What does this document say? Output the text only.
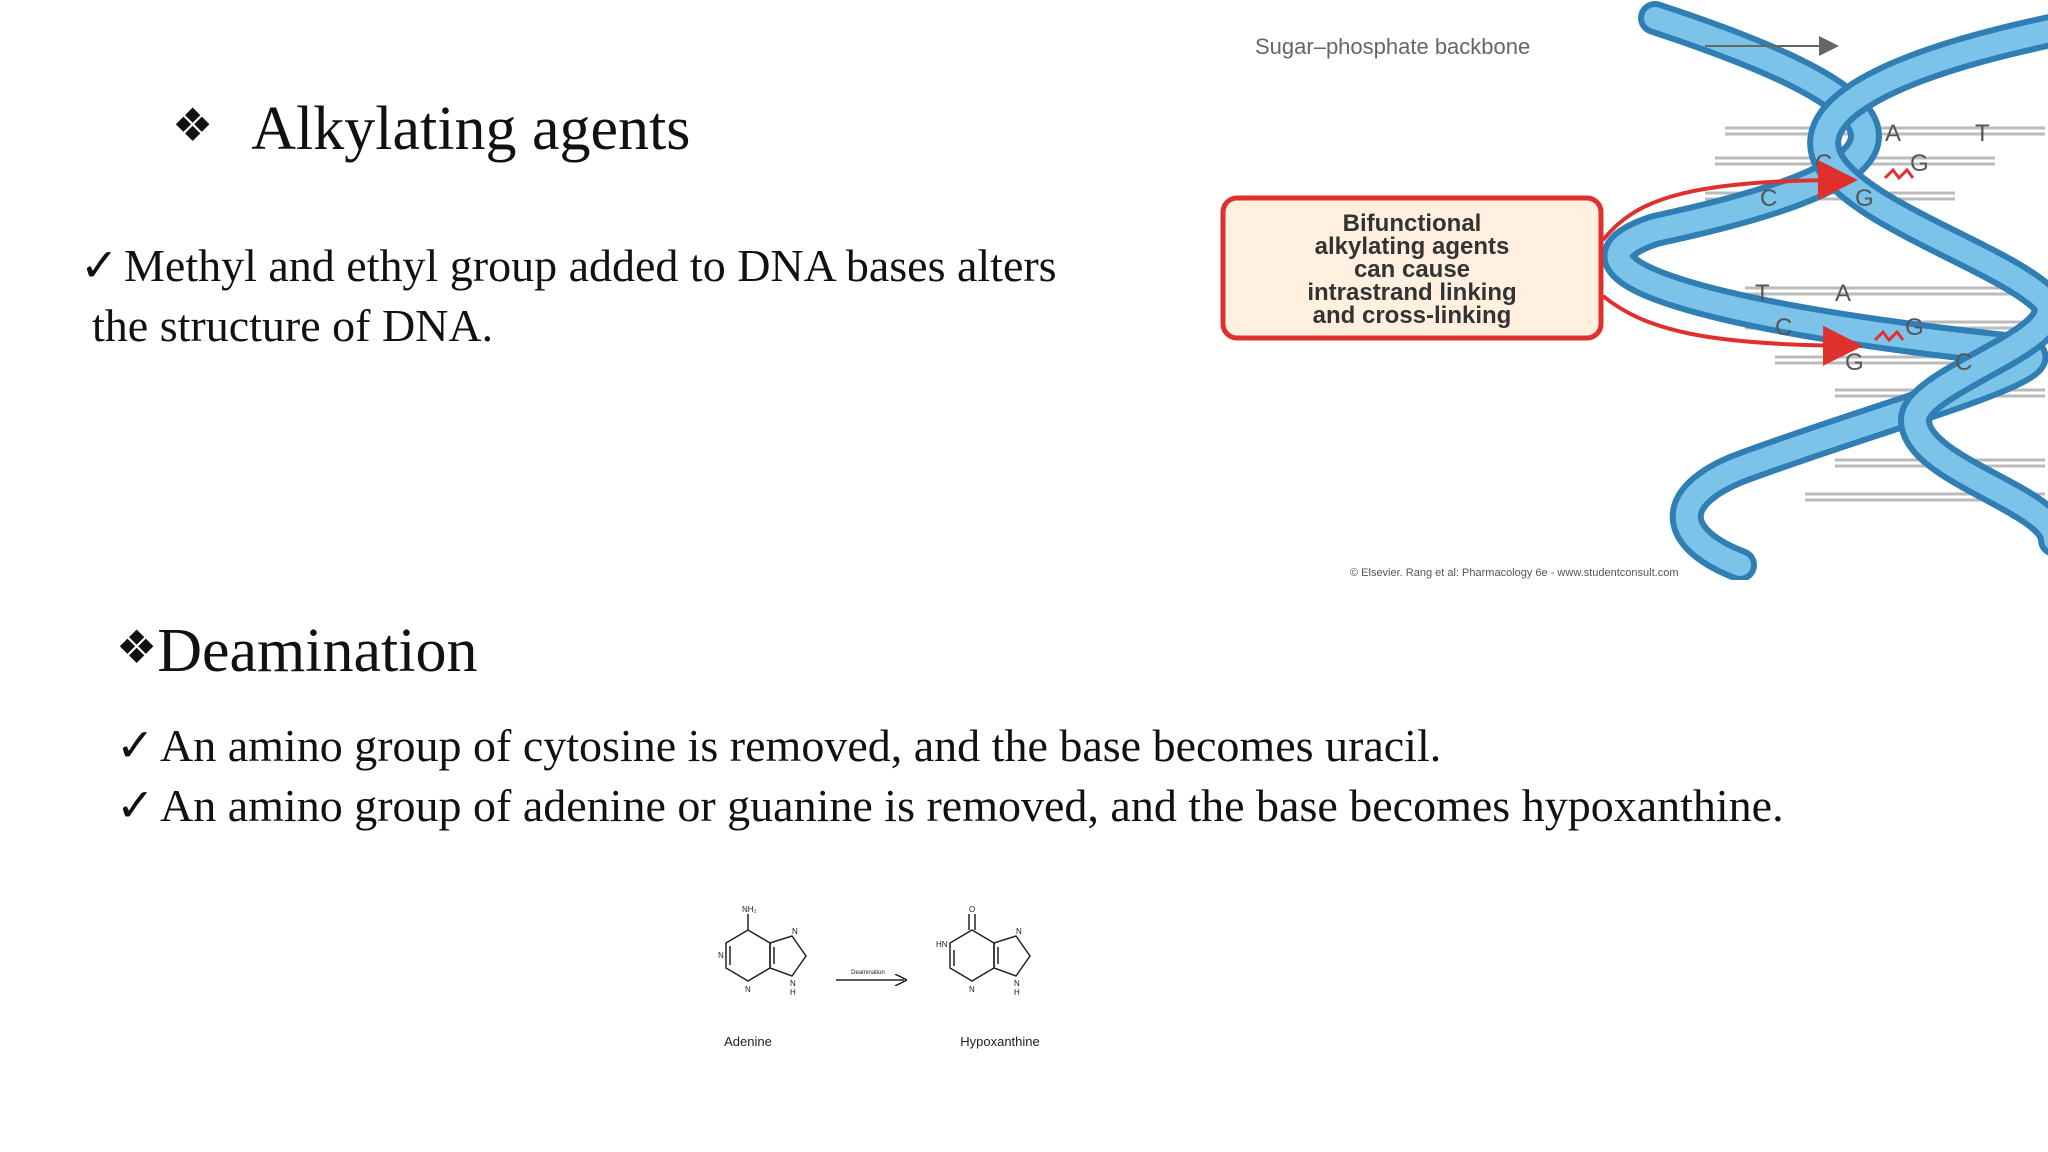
❖ Alkylating agents
✓ Methyl and ethyl group added to DNA bases alters
the structure of DNA.
A	T
C	G
C	G
T	A
C	G
G	C
Sugar–phosphate backbone
Bifunctional
alkylating agents
can cause
intrastrand linking
and cross-linking
© Elsevier. Rang et al: Pharmacology 6e - www.studentconsult.com
❖Deamination
✓ An amino group of cytosine is removed, and the base becomes uracil.
✓ An amino group of adenine or guanine is removed, and the base becomes hypoxanthine.
NH₂
N
N
N
N
H
Adenine
Deamination
O
HN
N
N
N
H
Hypoxanthine
